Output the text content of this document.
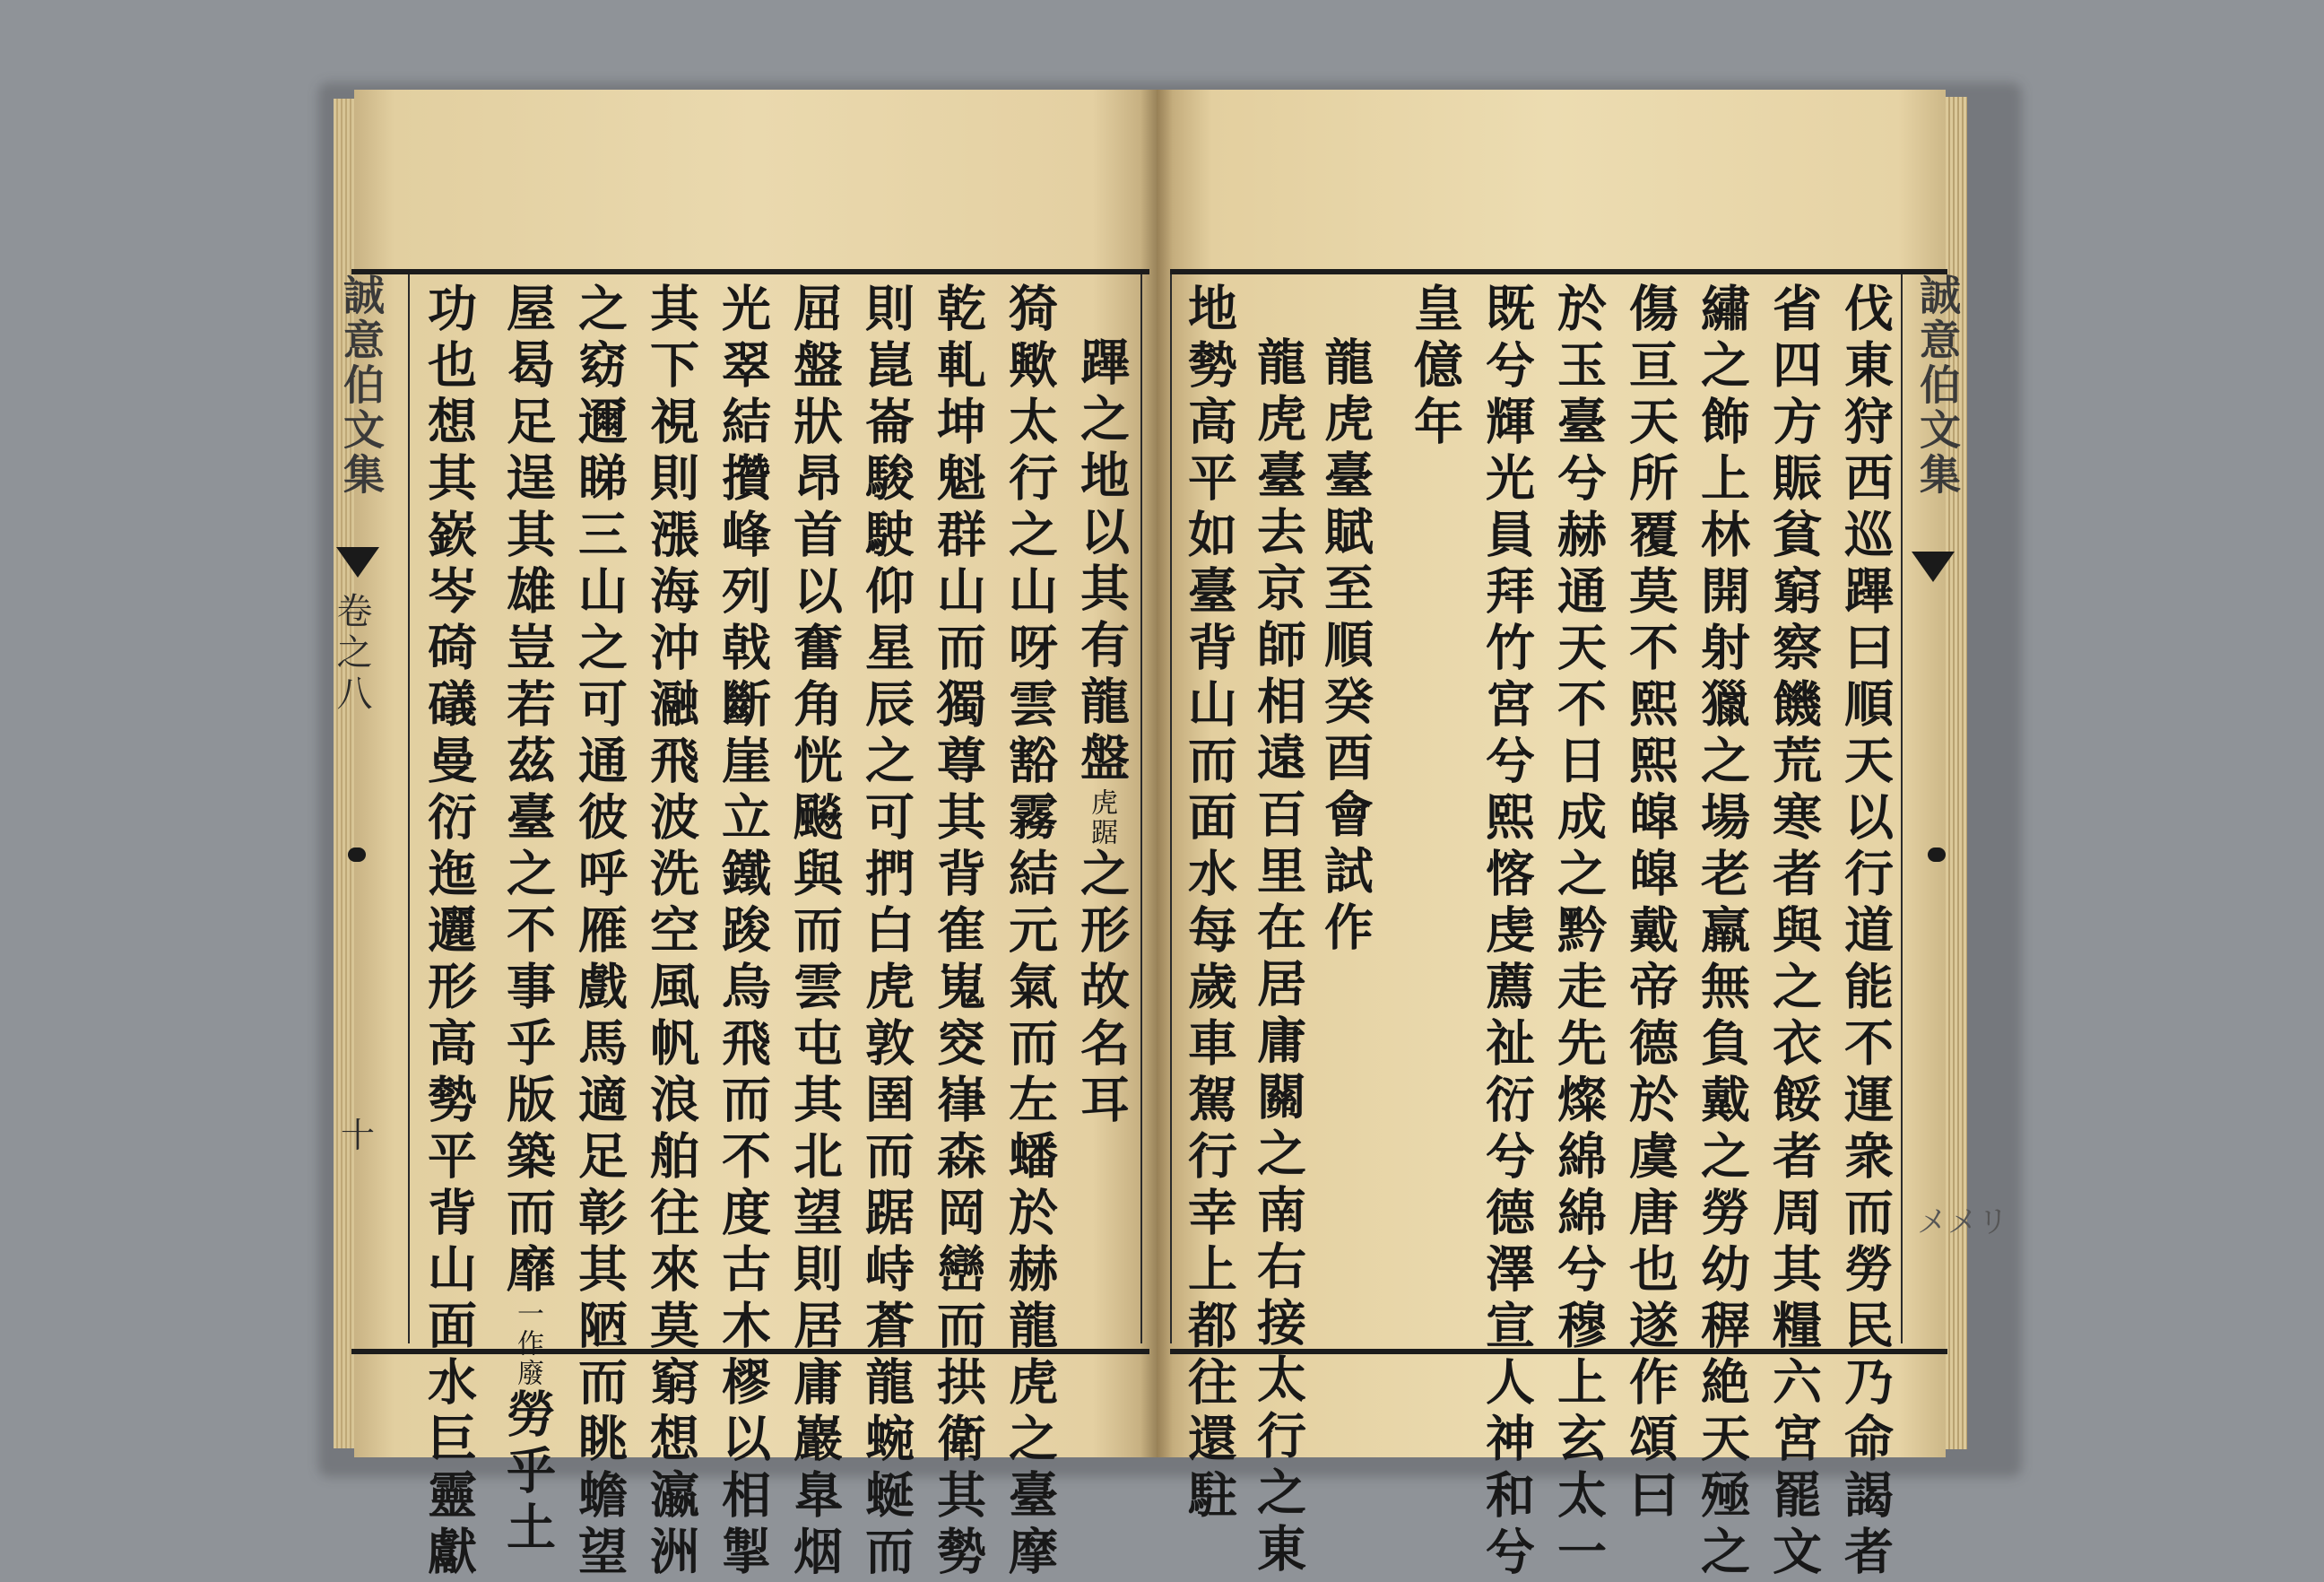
誠意伯文集
卷之八
十
蹕之地以其有龍盤虎踞之形故名耳
猗歟太行之山呀雲豁霧結元氣而左蟠於赫龍虎之臺摩
乾軋坤魁群山而獨尊其背隺嵬窔嵂森岡巒而拱衛其勢
則崑崙駿駛仰星辰之可捫白虎敦圉而踞峙蒼龍蜿蜒而
屈盤狀昂首以奮角恍飈與而雲屯其北望則居庸巖臯烟
光翠結攢峰列戟斷崖立鐵踆烏飛而不度古木樛以相掣
其下視則漲海沖瀜飛波洗空風帆浪舶往來莫窮想瀛洲
之窈邇睇三山之可通彼呼雁戲馬適足彰其陋而眺蟾望
屋曷足逞其雄豈若茲臺之不事乎版築而靡一作廢勞乎土
功也想其嶔岑碕礒曼衍迤邐形高勢平背山面水巨靈獻	誠意伯文集
メメリ
伐東狩西巡蹕曰順天以行道能不運衆而勞民乃命謁者
省四方賑貧窮察饑荒寒者與之衣餒者周其糧六宮罷文
繡之飾上林開射獵之場老羸無負戴之勞幼稺絶天殛之
傷亘天所覆莫不熙熙皡皡戴帝德於虞唐也遂作頌曰
於玉臺兮赫通天不日成之黔走先燦綿綿兮穆上玄太一
既兮輝光員拜竹宮兮熙愘虔薦祉衍兮德澤宣人神和兮
皇億年
龍虎臺賦至順癸酉會試作
龍虎臺去京師相遠百里在居庸關之南右接太行之東
地勢高平如臺背山而面水每歲車駕行幸上都往還駐
